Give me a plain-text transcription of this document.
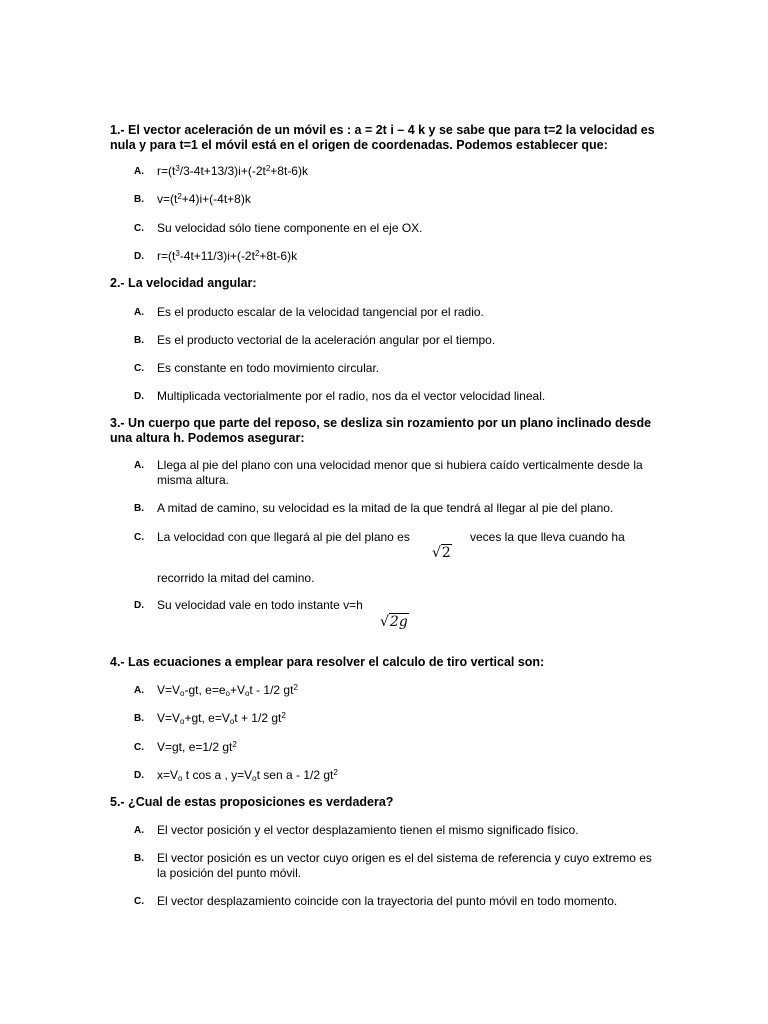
1.- El vector aceleración de un móvil es : a = 2t i – 4 k y se sabe que para t=2 la velocidad es nula y para t=1 el móvil está en el origen de coordenadas. Podemos establecer que:
A. $r=(t^3/3-4t+13/3)i+(-2t^2+8t-6)k$
B. $v=(t^2+4)i+(-4t+8)k$
C. Su velocidad sólo tiene componente en el eje OX.
D. $r=(t^3-4t+11/3)i+(-2t^2+8t-6)k$
2.- La velocidad angular:
A. Es el producto escalar de la velocidad tangencial por el radio.
B. Es el producto vectorial de la aceleración angular por el tiempo.
C. Es constante en todo movimiento circular.
D. Multiplicada vectorialmente por el radio, nos da el vector velocidad lineal.
3.- Un cuerpo que parte del reposo, se desliza sin rozamiento por un plano inclinado desde una altura h. Podemos asegurar:
A. Llega al pie del plano con una velocidad menor que si hubiera caído verticalmente desde la misma altura.
B. A mitad de camino, su velocidad es la mitad de la que tendrá al llegar al pie del plano.
C. La velocidad con que llegará al pie del plano es	veces la que lleva cuando ha
√2
recorrido la mitad del camino.
D. Su velocidad vale en todo instante v=h
√2g
4.- Las ecuaciones a emplear para resolver el calculo de tiro vertical son:
A. $V=V_o-gt$, $e=e_o+V_ot - 1/2$ $gt^2$
B. $V=V_o+gt$, $e=V_ot + 1/2$ $gt^2$
C. V=gt, e=1/2 $gt^2$
D. $x=V_o$ t cos a , $y=V_ot$ sen a - 1/2 $gt^2$
5.- ¿Cual de estas proposiciones es verdadera?
A. El vector posición y el vector desplazamiento tienen el mismo significado físico.
B. El vector posición es un vector cuyo origen es el del sistema de referencia y cuyo extremo es la posición del punto móvil.
C. El vector desplazamiento coincide con la trayectoria del punto móvil en todo momento.
